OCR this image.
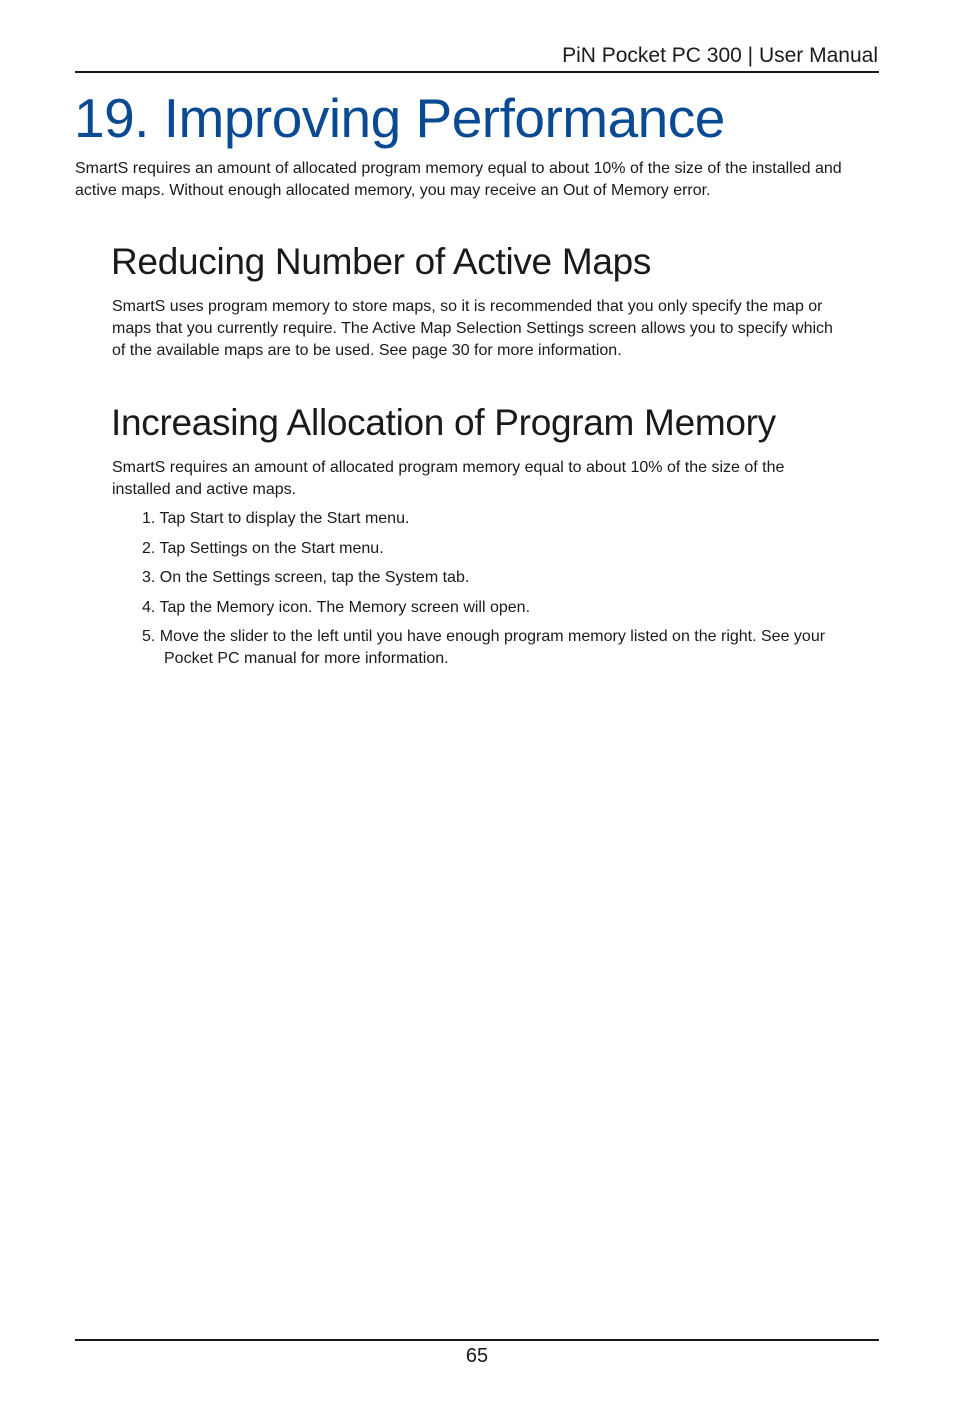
PiN Pocket PC 300 | User Manual
19. Improving Performance

SmartS requires an amount of allocated program memory equal to about 10% of the size of the installed and active maps. Without enough allocated memory, you may receive an Out of Memory error.

Reducing Number of Active Maps

SmartS uses program memory to store maps, so it is recommended that you only specify the map or maps that you currently require. The Active Map Selection Settings screen allows you to specify which of the available maps are to be used. See page 30 for more information.

Increasing Allocation of Program Memory

SmartS requires an amount of allocated program memory equal to about 10% of the size of the installed and active maps.

1. Tap Start to display the Start menu.
2. Tap Settings on the Start menu.
3. On the Settings screen, tap the System tab.
4. Tap the Memory icon. The Memory screen will open.
5. Move the slider to the left until you have enough program memory listed on the right. See your Pocket PC manual for more information.
65
